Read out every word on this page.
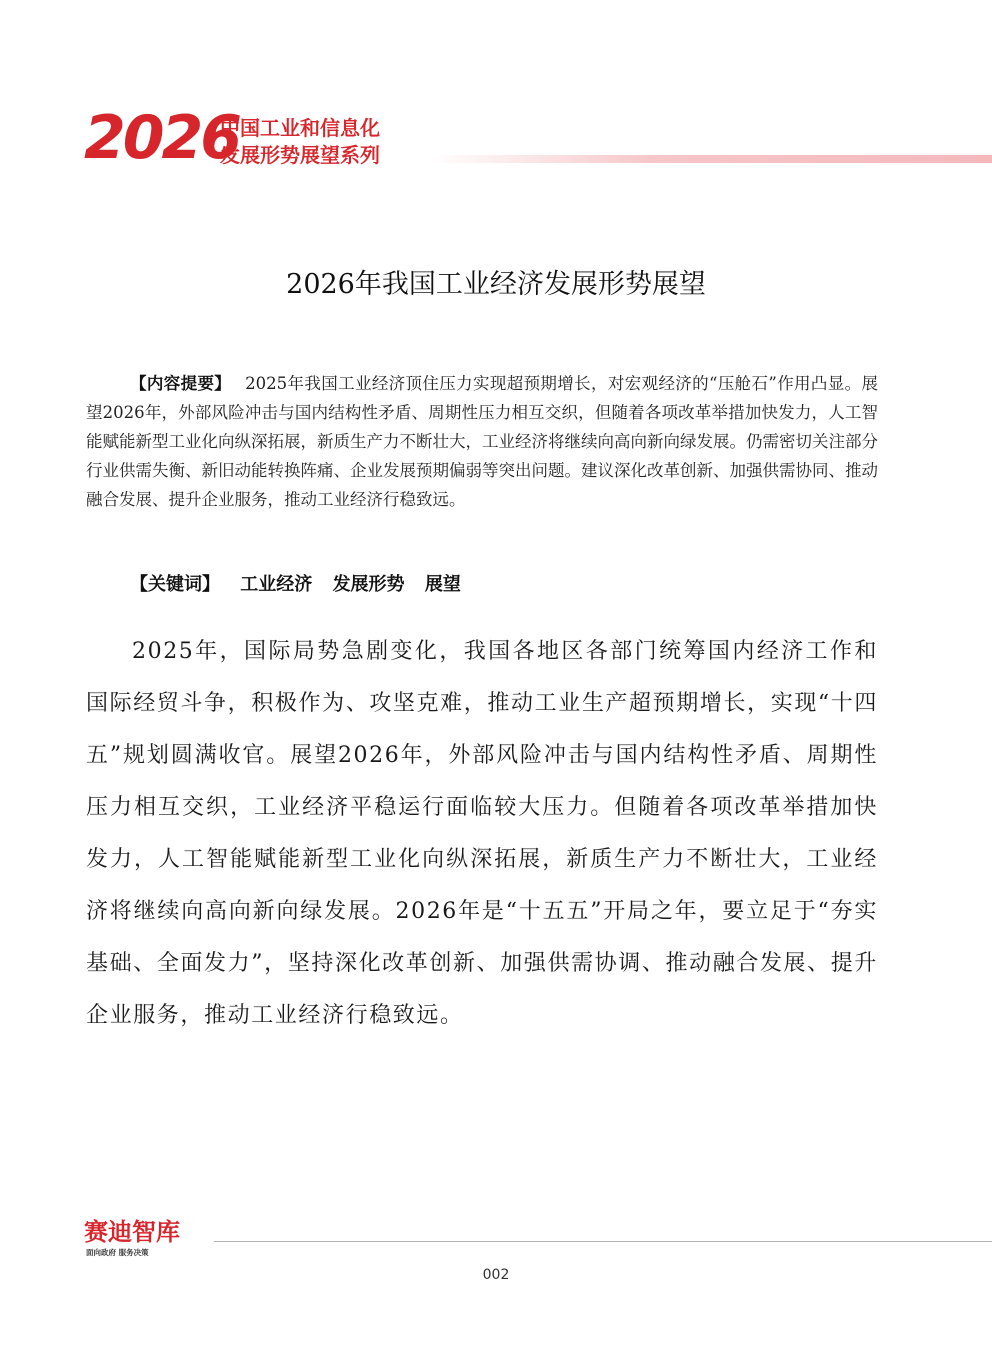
2026
中国工业和信息化
发展形势展望系列
2026年我国工业经济发展形势展望
【内容提要】 2025年我国工业经济顶住压力实现超预期增长，对宏观经济的“压舱石”作用凸显。展望2026年，外部风险冲击与国内结构性矛盾、周期性压力相互交织，但随着各项改革举措加快发力，人工智能赋能新型工业化向纵深拓展，新质生产力不断壮大，工业经济将继续向高向新向绿发展。仍需密切关注部分行业供需失衡、新旧动能转换阵痛、企业发展预期偏弱等突出问题。建议深化改革创新、加强供需协同、推动融合发展、提升企业服务，推动工业经济行稳致远。
【关键词】 工业经济 发展形势 展望
2025年，国际局势急剧变化，我国各地区各部门统筹国内经济工作和国际经贸斗争，积极作为、攻坚克难，推动工业生产超预期增长，实现“十四五”规划圆满收官。展望2026年，外部风险冲击与国内结构性矛盾、周期性压力相互交织，工业经济平稳运行面临较大压力。但随着各项改革举措加快发力，人工智能赋能新型工业化向纵深拓展，新质生产力不断壮大，工业经济将继续向高向新向绿发展。2026年是“十五五”开局之年，要立足于“夯实基础、全面发力”，坚持深化改革创新、加强供需协调、推动融合发展、提升企业服务，推动工业经济行稳致远。
赛迪智库
面向政府 服务决策
002
